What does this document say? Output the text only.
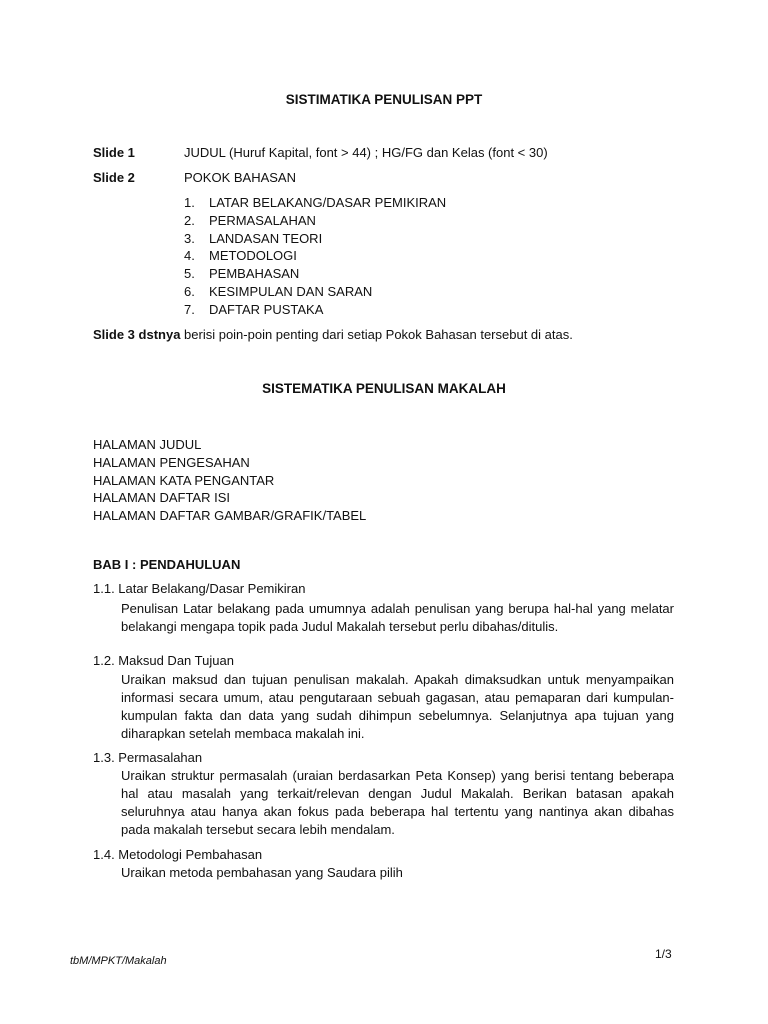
SISTIMATIKA PENULISAN PPT
Slide 1	JUDUL (Huruf Kapital, font > 44) ; HG/FG dan Kelas (font < 30)
Slide 2	POKOK BAHASAN
1. LATAR BELAKANG/DASAR PEMIKIRAN
2. PERMASALAHAN
3. LANDASAN TEORI
4. METODOLOGI
5. PEMBAHASAN
6. KESIMPULAN DAN SARAN
7. DAFTAR PUSTAKA
Slide 3 dstnya berisi poin-poin penting dari setiap Pokok Bahasan tersebut di atas.
SISTEMATIKA PENULISAN MAKALAH
HALAMAN JUDUL
HALAMAN PENGESAHAN
HALAMAN KATA PENGANTAR
HALAMAN DAFTAR ISI
HALAMAN DAFTAR GAMBAR/GRAFIK/TABEL
BAB I : PENDAHULUAN
1.1. Latar Belakang/Dasar Pemikiran
Penulisan Latar belakang pada umumnya adalah penulisan yang berupa hal-hal yang melatar belakangi mengapa topik pada Judul Makalah tersebut perlu dibahas/ditulis.
1.2. Maksud Dan Tujuan
Uraikan maksud dan tujuan penulisan makalah. Apakah dimaksudkan untuk menyampaikan informasi secara umum, atau pengutaraan sebuah gagasan, atau pemaparan dari kumpulan-kumpulan fakta dan data yang sudah dihimpun sebelumnya. Selanjutnya apa tujuan yang diharapkan setelah membaca makalah ini.
1.3. Permasalahan
Uraikan struktur permasalah (uraian berdasarkan Peta Konsep) yang berisi tentang beberapa hal atau masalah yang terkait/relevan dengan Judul Makalah. Berikan batasan apakah seluruhnya atau hanya akan fokus pada beberapa hal tertentu yang nantinya akan dibahas pada makalah tersebut secara lebih mendalam.
1.4. Metodologi Pembahasan
Uraikan metoda pembahasan yang Saudara pilih
tbM/MPKT/Makalah	1/3
